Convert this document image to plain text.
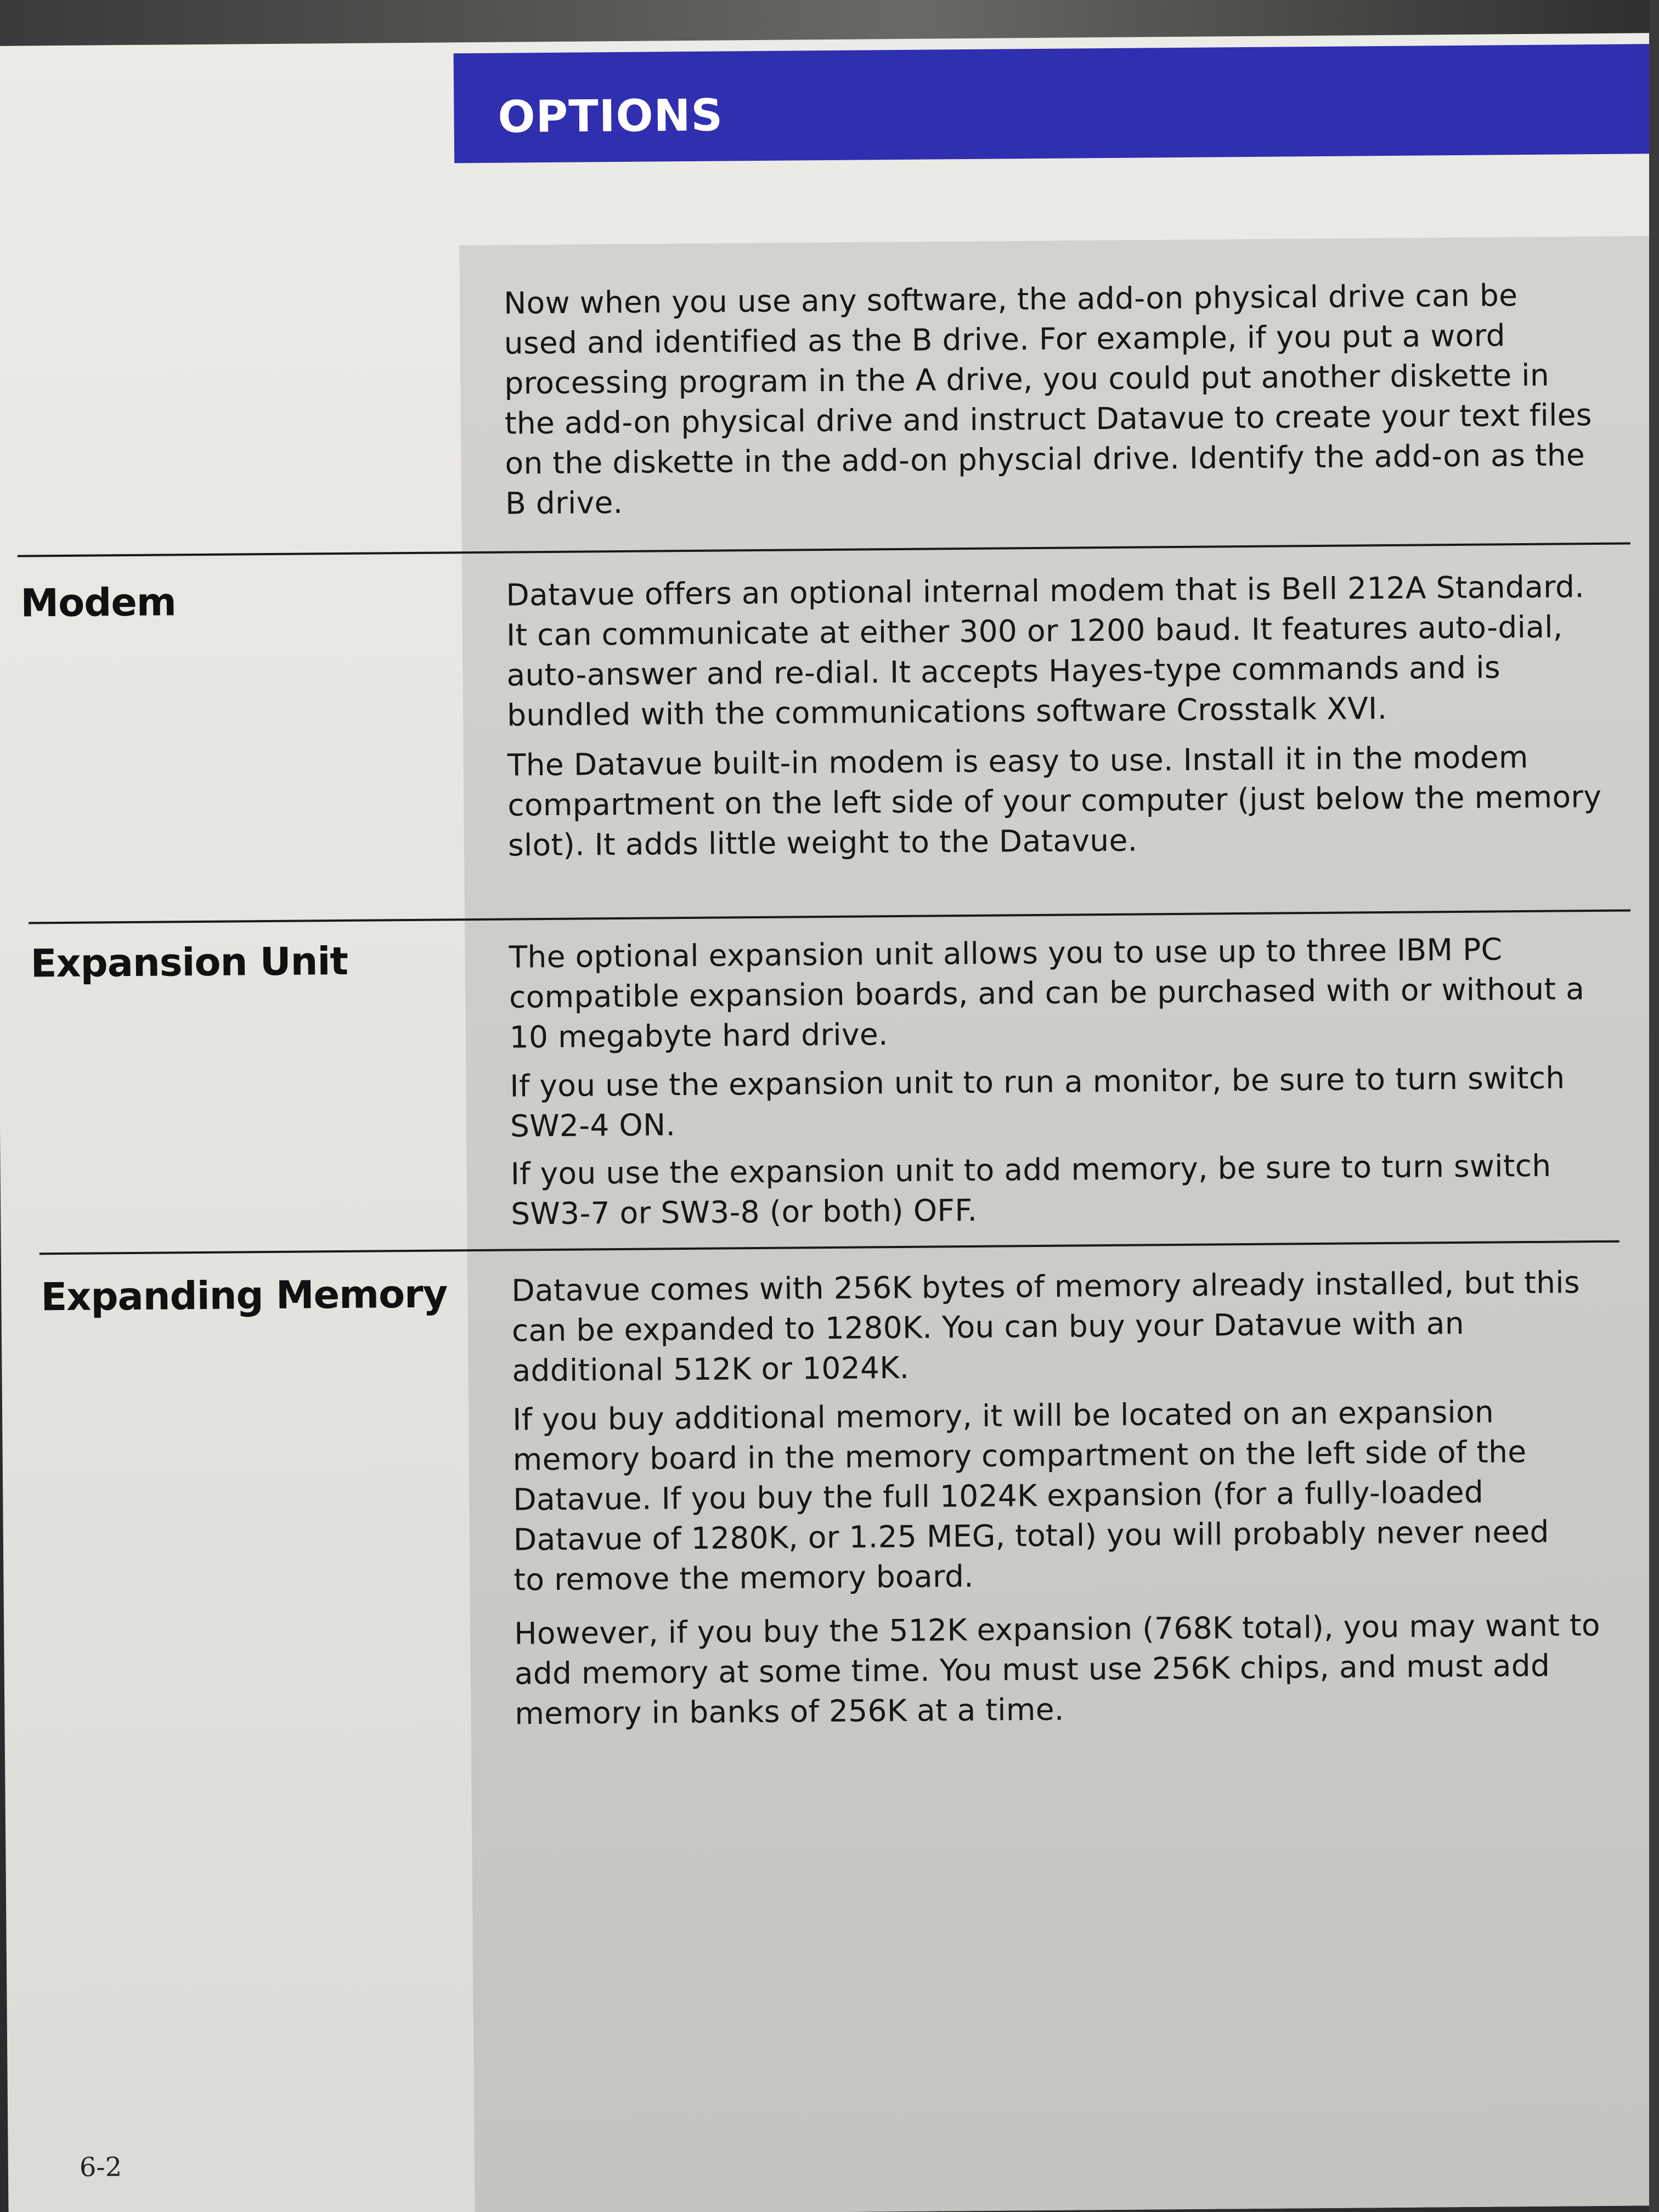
OPTIONS
Now when you use any software, the add-on physical drive can be
used and identified as the B drive. For example, if you put a word
processing program in the A drive, you could put another diskette in
the add-on physical drive and instruct Datavue to create your text files
on the diskette in the add-on physcial drive. Identify the add-on as the
B drive.
Modem	Datavue offers an optional internal modem that is Bell 212A Standard.
It can communicate at either 300 or 1200 baud. It features auto-dial,
auto-answer and re-dial. It accepts Hayes-type commands and is
bundled with the communications software Crosstalk XVI.
The Datavue built-in modem is easy to use. Install it in the modem
compartment on the left side of your computer (just below the memory
slot). It adds little weight to the Datavue.
Expansion Unit	The optional expansion unit allows you to use up to three IBM PC
compatible expansion boards, and can be purchased with or without a
10 megabyte hard drive.
If you use the expansion unit to run a monitor, be sure to turn switch
SW2-4 ON.
If you use the expansion unit to add memory, be sure to turn switch
SW3-7 or SW3-8 (or both) OFF.
Expanding Memory Datavue comes with 256K bytes of memory already installed, but this
can be expanded to 1280K. You can buy your Datavue with an
additional 512K or 1024K.
If you buy additional memory, it will be located on an expansion
memory board in the memory compartment on the left side of the
Datavue. If you buy the full 1024K expansion (for a fully-loaded
Datavue of 1280K, or 1.25 MEG, total) you will probably never need
to remove the memory board.
However, if you buy the 512K expansion (768K total), you may want to
add memory at some time. You must use 256K chips, and must add
memory in banks of 256K at a time.
6-2
